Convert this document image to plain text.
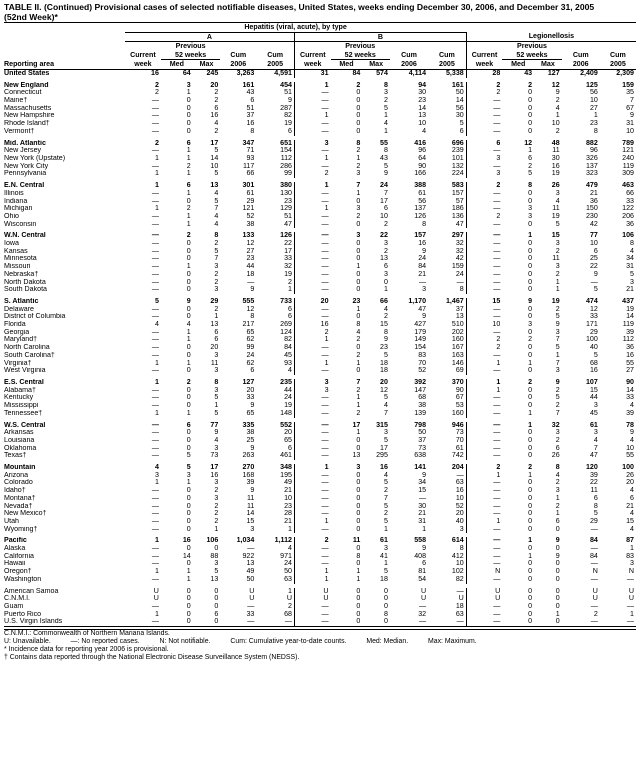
TABLE II. (Continued) Provisional cases of selected notifiable diseases, United States, weeks ending December 30, 2006, and December 31, 2005
(52nd Week)*
	Hepatitis (viral, acute), by type														
	A					B					Legionellosis				
		Previous					Previous					Previous			
	Current	52 weeks		Cum	Cum	Current	52 weeks		Cum	Cum	Current	52 weeks		Cum	Cum
Reporting area	week	Med	Max	2006	2005	week	Med	Max	2006	2005	week	Med	Max	2006	2005
United States	16	64	245	3,263	4,591	31	84	574	4,114	5,338	28	43	127	2,409	2,309

New England	2	3	20	161	454	1	2	8	94	161	2	2	12	125	159
Connecticut	2	1	2	43	51	—	0	3	30	50	2	0	9	56	35
Maine†	—	0	2	6	9	—	0	2	23	14	—	0	2	10	7
Massachusetts	—	0	6	51	287	—	0	5	14	56	—	0	4	27	67
New Hampshire	—	0	16	37	82	1	0	1	13	30	—	0	1	1	9
Rhode Island†	—	0	4	16	19	—	0	4	10	5	—	0	10	23	31
Vermont†	—	0	2	8	6	—	0	1	4	6	—	0	2	8	10

Mid. Atlantic	2	6	17	347	651	3	8	55	416	696	6	12	48	882	789
New Jersey	—	1	5	71	154	—	2	8	96	239	—	1	11	96	121
New York (Upstate)	1	1	14	93	112	1	1	43	64	101	3	6	30	326	240
New York City	—	2	10	117	286	—	2	5	90	132	—	2	16	137	119
Pennsylvania	1	1	5	66	99	2	3	9	166	224	3	5	19	323	309

E.N. Central	1	6	13	301	380	1	7	24	388	583	2	8	26	479	463
Illinois	—	1	4	61	130	—	1	7	61	157	—	0	3	21	66
Indiana	—	0	5	29	23	—	0	17	56	57	—	0	4	36	33
Michigan	1	2	7	121	129	1	3	6	137	186	—	3	11	150	122
Ohio	—	1	4	52	51	—	2	10	126	136	2	3	19	230	206
Wisconsin	—	1	4	38	47	—	0	2	8	47	—	0	5	42	36

W.N. Central	—	2	8	133	126	—	3	22	157	297	—	1	15	77	106
Iowa	—	0	2	12	22	—	0	3	16	32	—	0	3	10	8
Kansas	—	0	5	27	17	—	0	2	9	32	—	0	2	6	4
Minnesota	—	0	7	23	33	—	0	13	24	42	—	0	11	25	34
Missouri	—	1	3	44	32	—	1	6	84	159	—	0	3	22	31
Nebraska†	—	0	2	18	19	—	0	3	21	24	—	0	2	9	5
North Dakota	—	0	2	—	2	—	0	0	—	—	—	0	1	—	3
South Dakota	—	0	3	9	1	—	0	1	3	8	—	0	1	5	21

S. Atlantic	5	9	29	555	733	20	23	66	1,170	1,467	15	9	19	474	437
Delaware	—	0	2	12	6	—	1	4	47	37	—	0	2	12	19
District of Columbia	—	0	1	8	6	—	0	2	9	13	—	0	5	33	14
Florida	4	4	13	217	269	16	8	15	427	510	10	3	9	171	119
Georgia	—	1	6	65	124	2	4	8	179	202	—	0	3	29	39
Maryland†	—	1	6	62	82	1	2	9	149	160	2	2	7	100	112
North Carolina	—	0	20	99	84	—	0	23	154	167	2	0	5	40	36
South Carolina†	—	0	3	24	45	—	2	5	83	163	—	0	1	5	16
Virginia†	1	1	11	62	93	1	1	18	70	146	1	1	7	68	55
West Virginia	—	0	3	6	4	—	0	18	52	69	—	0	3	16	27

E.S. Central	1	2	8	127	235	3	7	20	392	370	1	2	9	107	90
Alabama†	—	0	3	20	44	3	2	12	147	90	1	0	2	15	14
Kentucky	—	0	5	33	24	—	1	5	68	67	—	0	5	44	33
Mississippi	—	0	1	9	19	—	1	4	38	53	—	0	2	3	4
Tennessee†	1	1	5	65	148	—	2	7	139	160	—	1	7	45	39

W.S. Central	—	6	77	335	552	—	17	315	798	946	—	1	32	61	78
Arkansas	—	0	9	38	20	—	1	3	50	73	—	0	3	3	9
Louisiana	—	0	4	25	65	—	0	5	37	70	—	0	2	4	4
Oklahoma	—	0	3	9	6	—	0	17	73	61	—	0	6	7	10
Texas†	—	5	73	263	461	—	13	295	638	742	—	0	26	47	55

Mountain	4	5	17	270	348	1	3	16	141	204	2	2	8	120	100
Arizona	3	3	16	168	195	—	0	4	9	—	1	1	4	39	26
Colorado	1	1	3	39	49	—	0	5	34	63	—	0	2	22	20
Idaho†	—	0	2	9	21	—	0	2	15	16	—	0	3	11	4
Montana†	—	0	3	11	10	—	0	7	—	10	—	0	1	6	6
Nevada†	—	0	2	11	23	—	0	5	30	52	—	0	2	8	21
New Mexico†	—	0	2	14	28	—	0	2	21	20	—	0	1	5	4
Utah	—	0	2	15	21	1	0	5	31	40	1	0	6	29	15
Wyoming†	—	0	1	3	1	—	0	1	1	3	—	0	0	—	4

Pacific	1	16	106	1,034	1,112	2	11	61	558	614	—	1	9	84	87
Alaska	—	0	0	—	4	—	0	3	9	8	—	0	0	—	1
California	—	14	88	922	971	—	8	41	408	412	—	1	9	84	83
Hawaii	—	0	3	13	24	—	0	1	6	10	—	0	0	—	3
Oregon†	1	1	5	49	50	1	1	5	81	102	N	0	0	N	N
Washington	—	1	13	50	63	1	1	18	54	82	—	0	0	—	—

American Samoa	U	0	0	U	1	U	0	0	U	—	U	0	0	U	U
C.N.M.I.	U	0	0	U	U	U	0	0	U	U	U	0	0	U	U
Guam	—	0	0	—	2	—	0	0	—	18	—	0	0	—	—
Puerto Rico	1	0	6	33	68	—	0	8	32	63	—	0	1	2	1
U.S. Virgin Islands	—	0	0	—	—	—	0	0	—	—	—	0	0	—	—
C.N.M.I.: Commonwealth of Northern Mariana Islands.
U: Unavailable.	—: No reported cases.	N: Not notifiable.	Cum: Cumulative year-to-date counts.	Med: Median.	Max: Maximum.
* Incidence data for reporting year 2006 is provisional.
† Contains data reported through the National Electronic Disease Surveillance System (NEDSS).
